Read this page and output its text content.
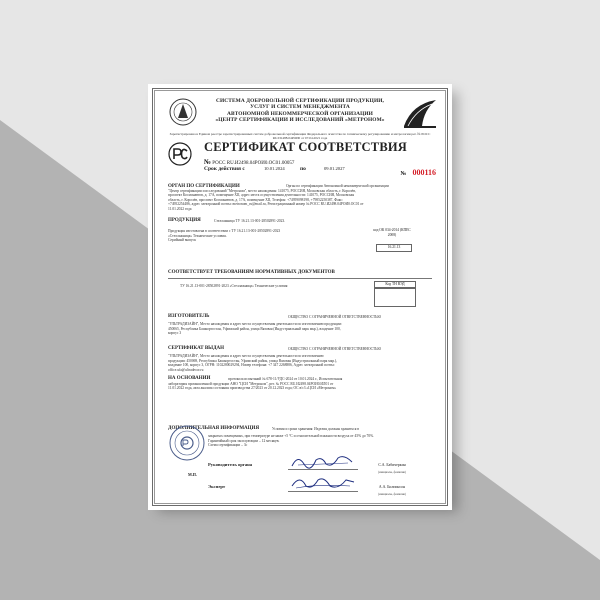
СИСТЕМА ДОБРОВОЛЬНОЙ СЕРТИФИКАЦИИ ПРОДУКЦИИ,
УСЛУГ И СИСТЕМ МЕНЕДЖМЕНТА
АВТОНОМНОЙ НЕКОММЕРЧЕСКОЙ ОРГАНИЗАЦИИ
«ЦЕНТР СЕРТИФИКАЦИИ И ИССЛЕДОВАНИЙ «МЕТРОНОМ»
Зарегистрирована в Едином реестре зарегистрированных систем добровольной сертификации Федерального агентства по техническому регулированию и метрологии рег. № РОСС RU.И1488.04РОИ0 от 07.04.2021 года
СЕРТИФИКАТ СООТВЕТСТВИЯ
№ РОСС RU.И2498.04РОИ0.ОС01.00057
Срок действия с	10.01.2024	по	09.01.2027
№ 000116
ОРГАН ПО СЕРТИФИКАЦИИ	Орган по сертификации Автономной некоммерческой организации
"Центр сертификации и исследований "Метроном", место нахождения: 141075, РОССИЯ, Московская область, г. Королёв,
проспект Космонавтов, д. 17А, помещение XII, адрес места осуществления деятельности: 141075, РОССИЯ, Московская
область, г. Королёв, проспект Космонавтов, д. 17А, помещение XII, Телефон: +74959098198, +79852250387, Факс:
+74952254486, адрес электронной почты: metronom_ru@mail.ru, Регистрационный номер № РОСС RU.И2498.04РОИ0.ОС01 от
11.01.2022 года
ПРОДУКЦИЯ	Стеллажница ТУ 16.21.13-001-28502891-2023.
Продукция изготовлена в соответствии с ТУ 16.21.13-001-28502891-2023
«Стеллажница» Технические условия.
Серийный выпуск
код ОК 034-2014 (КПЕС 2008)
16.21.13
СООТВЕТСТВУЕТ ТРЕБОВАНИЯМ НОРМАТИВНЫХ ДОКУМЕНТОВ
ТУ 16.21.13-001-28502891-2023 «Стеллажница» Технические условия	Код ТН ВЭД
ИЗГОТОВИТЕЛЬ	ОБЩЕСТВО С ОГРАНИЧЕННОЙ ОТВЕТСТВЕННОСТЬЮ
"УЛЬТРАДИЗАЙН", Место нахождения и адрес места осуществления деятельности по изготовлению продукции:
450065, Республика Башкортостан, Уфимский район, улица Вязовая (Индустриальный парк мкр.), владение 100,
корпус 3
СЕРТИФИКАТ ВЫДАН	ОБЩЕСТВО С ОГРАНИЧЕННОЙ ОТВЕТСТВЕННОСТЬЮ
"УЛЬТРАДИЗАЙН", Место нахождения и адрес места осуществления деятельности по изготовлению
продукции: 450069, Республика Башкортостан, Уфимский район, улица Вязовая (Индустриальный парк мкр.),
владение 100, корпус 3, ОГРН: 1102280029294, Номер телефона: +7 347 2268886, Адрес электронной почты:
office.ufa@ultradecor.ru
НА ОСНОВАНИИ	протокола испытаний № 678-11/УДС-2024 от 10.01.2024 г., Испытательная
лаборатория промышленной продукции АНО "ЦСИ "Метроном", рег. № РОСС RU.И2498.04РОИ0.ИЛ01 от
11.01.2022 года, акта анализа состояния производства 27/2023 от 20.12.2023 года; ОС в/с3 «ЦСИ «Метроном»
ДОПОЛНИТЕЛЬНАЯ ИНФОРМАЦИЯ	Условия и сроки хранения: Изделия должны храниться в
закрытых помещениях, при температуре не ниже +5 °С и относительной влажности воздуха от 45% до 70%.
Гарантийный срок эксплуатации – 12 месяцев.
Схема сертификации – 3с
Руководитель органа	С.А. Бабичеркин
(инициалы, фамилия)
М.П.
Эксперт	А.А. Билпинсон
(инициалы, фамилия)
